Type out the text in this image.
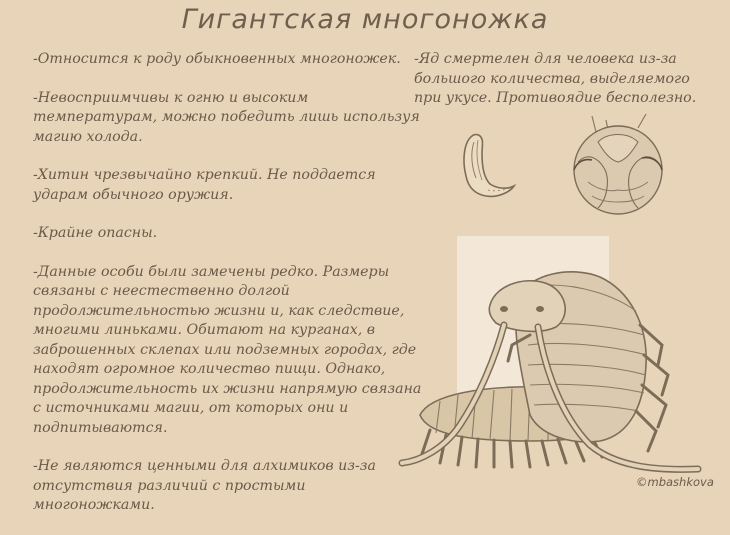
Гигантская многоножка

-Относится к роду обыкновенных многоножек.

-Невосприимчивы к огню и высоким температурам, можно победить лишь используя магию холода.

-Хитин чрезвычайно крепкий. Не поддается ударам обычного оружия.

-Крайне опасны.

-Данные особи были замечены редко. Размеры связаны с неестественно долгой продолжительностью жизни и, как следствие, многими линьками. Обитают на курганах, в заброшенных склепах или подземных городах, где находят огромное количество пищи. Однако, продолжительность их жизни напрямую связана с источниками магии, от которых они и подпитываются.

-Не являются ценными для алхимиков из-за отсутствия различий с простыми многоножками.

-Яд смертелен для человека из-за большого количества, выделяемого при укусе. Противоядие бесполезно.

©mbashkova
